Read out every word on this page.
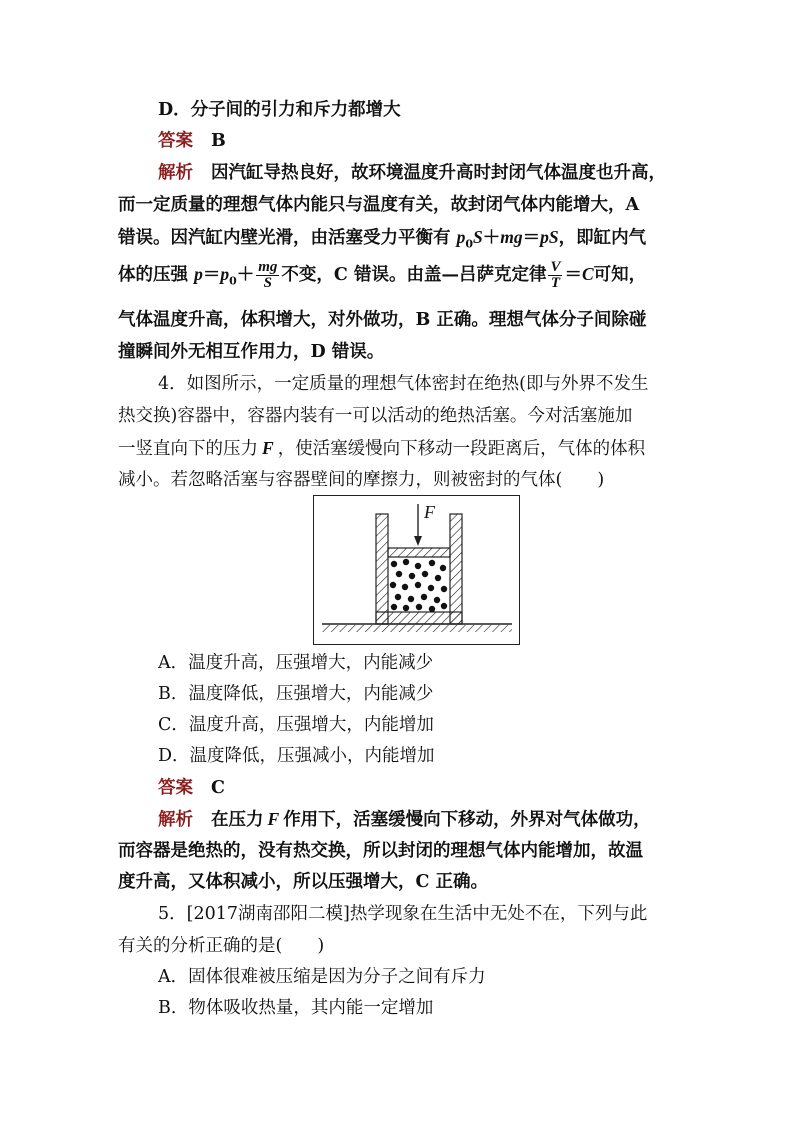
D．分子间的引力和斥力都增大
答案 B
解析 因汽缸导热良好，故环境温度升高时封闭气体温度也升高，
而一定质量的理想气体内能只与温度有关，故封闭气体内能增大，A
错误。因汽缸内壁光滑，由活塞受力平衡有 $p_0S+mg=pS$，即缸内气
体的压强 $p=p_0+ \frac{mg}{S}$ 不变，C 错误。由盖—吕萨克定律 $\frac{V}{T} =C$可知，
气体温度升高，体积增大，对外做功，B 正确。理想气体分子间除碰
撞瞬间外无相互作用力，D 错误。
4．如图所示，一定质量的理想气体密封在绝热(即与外界不发生
热交换)容器中，容器内装有一可以活动的绝热活塞。今对活塞施加
一竖直向下的压力 F ，使活塞缓慢向下移动一段距离后，气体的体积
减小。若忽略活塞与容器壁间的摩擦力，则被密封的气体(　　)
F
A．温度升高，压强增大，内能减少
B．温度降低，压强增大，内能减少
C．温度升高，压强增大，内能增加
D．温度降低，压强减小，内能增加
答案 C
解析 在压力 F 作用下，活塞缓慢向下移动，外界对气体做功，
而容器是绝热的，没有热交换，所以封闭的理想气体内能增加，故温
度升高，又体积减小，所以压强增大，C 正确。
5．[2017湖南邵阳二模]热学现象在生活中无处不在，下列与此
有关的分析正确的是(　　)
A．固体很难被压缩是因为分子之间有斥力
B．物体吸收热量，其内能一定增加
